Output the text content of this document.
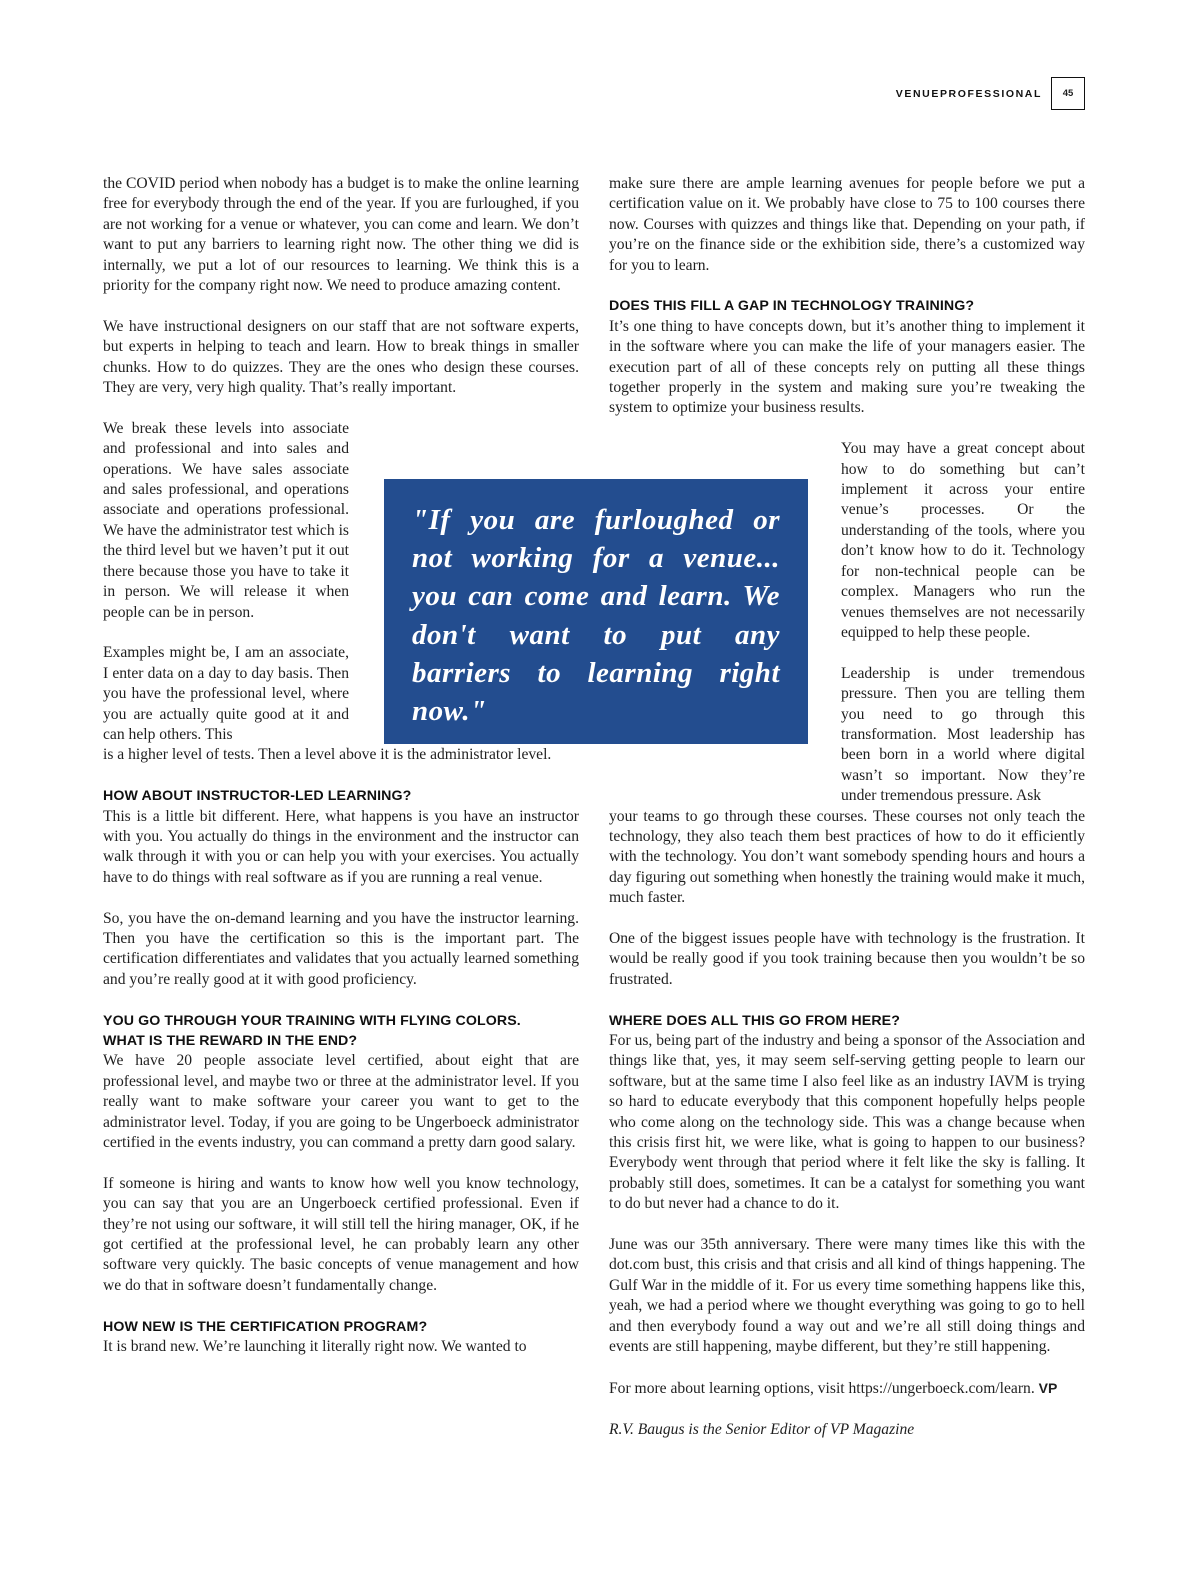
VENUEPROFESSIONAL	45

the COVID period when nobody has a budget is to make the online learning free for everybody through the end of the year. If you are furloughed, if you are not working for a venue or whatever, you can come and learn. We don’t want to put any barriers to learning right now. The other thing we did is internally, we put a lot of our resources to learning. We think this is a priority for the company right now. We need to produce amazing content.

We have instructional designers on our staff that are not software experts, but experts in helping to teach and learn. How to break things in smaller chunks. How to do quizzes. They are the ones who design these courses. They are very, very high quality. That’s really important.

We break these levels into associate and professional and into sales and operations. We have sales associate and sales professional, and operations associate and operations professional. We have the administrator test which is the third level but we haven’t put it out there because those you have to take it in person. We will release it when people can be in person.

Examples might be, I am an associate, I enter data on a day to day basis. Then you have the professional level, where you are actually quite good at it and can help others. This

is a higher level of tests. Then a level above it is the administrator level.

HOW ABOUT INSTRUCTOR-LED LEARNING?

This is a little bit different. Here, what happens is you have an instructor with you. You actually do things in the environment and the instructor can walk through it with you or can help you with your exercises. You actually have to do things with real software as if you are running a real venue.

So, you have the on-demand learning and you have the instructor learning. Then you have the certification so this is the important part. The certification differentiates and validates that you actually learned something and you’re really good at it with good proficiency.

YOU GO THROUGH YOUR TRAINING WITH FLYING COLORS.
WHAT IS THE REWARD IN THE END?

We have 20 people associate level certified, about eight that are professional level, and maybe two or three at the administrator level. If you really want to make software your career you want to get to the administrator level. Today, if you are going to be Ungerboeck administrator certified in the events industry, you can command a pretty darn good salary.

If someone is hiring and wants to know how well you know technology, you can say that you are an Ungerboeck certified professional. Even if they’re not using our software, it will still tell the hiring manager, OK, if he got certified at the professional level, he can probably learn any other software very quickly. The basic concepts of venue management and how we do that in software doesn’t fundamentally change.

HOW NEW IS THE CERTIFICATION PROGRAM?

It is brand new. We’re launching it literally right now. We wanted to

make sure there are ample learning avenues for people before we put a certification value on it. We probably have close to 75 to 100 courses there now. Courses with quizzes and things like that. Depending on your path, if you’re on the finance side or the exhibition side, there’s a customized way for you to learn.

DOES THIS FILL A GAP IN TECHNOLOGY TRAINING?

It’s one thing to have concepts down, but it’s another thing to implement it in the software where you can make the life of your managers easier. The execution part of all of these concepts rely on putting all these things together properly in the system and making sure you’re tweaking the system to optimize your business results.

You may have a great concept about how to do something but can’t implement it across your entire venue’s processes. Or the understanding of the tools, where you don’t know how to do it. Technology for non-technical people can be complex. Managers who run the venues themselves are not necessarily equipped to help these people.

Leadership is under tremendous pressure. Then you are telling them you need to go through this transformation. Most leadership has been born in a world where digital wasn’t so important. Now they’re under tremendous pressure. Ask

your teams to go through these courses. These courses not only teach the technology, they also teach them best practices of how to do it efficiently with the technology. You don’t want somebody spending hours and hours a day figuring out something when honestly the training would make it much, much faster.

One of the biggest issues people have with technology is the frustration. It would be really good if you took training because then you wouldn’t be so frustrated.

WHERE DOES ALL THIS GO FROM HERE?

For us, being part of the industry and being a sponsor of the Association and things like that, yes, it may seem self-serving getting people to learn our software, but at the same time I also feel like as an industry IAVM is trying so hard to educate everybody that this component hopefully helps people who come along on the technology side. This was a change because when this crisis first hit, we were like, what is going to happen to our business? Everybody went through that period where it felt like the sky is falling. It probably still does, sometimes. It can be a catalyst for something you want to do but never had a chance to do it.

June was our 35th anniversary. There were many times like this with the dot.com bust, this crisis and that crisis and all kind of things happening. The Gulf War in the middle of it. For us every time something happens like this, yeah, we had a period where we thought everything was going to go to hell and then everybody found a way out and we’re all still doing things and events are still happening, maybe different, but they’re still happening.

For more about learning options, visit https://ungerboeck.com/learn. VP

R.V. Baugus is the Senior Editor of VP Magazine

"If you are furloughed or not working for a venue... you can come and learn. We don't want to put any barriers to learning right now."
